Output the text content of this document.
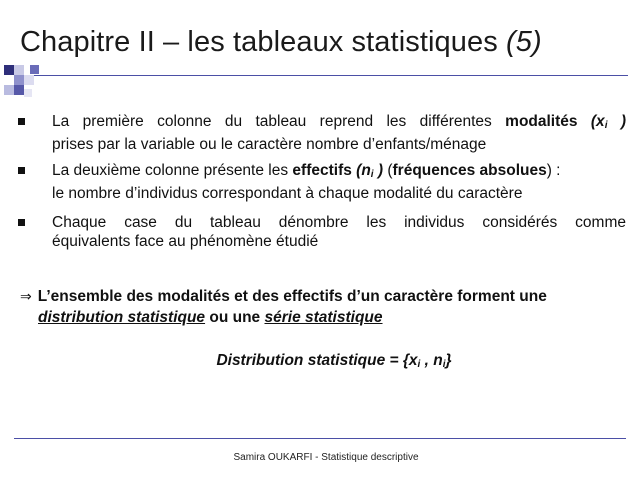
Chapitre II – les tableaux statistiques (5)
La première colonne du tableau reprend les différentes modalités ($x_i$ )
prises par la variable ou le caractère nombre d’enfants/ménage
La deuxième colonne présente les effectifs ($n_i$ ) (fréquences absolues) :
le nombre d’individus correspondant à chaque modalité du caractère
Chaque case du tableau dénombre les individus considérés comme
équivalents face au phénomène étudié
⇒ L’ensemble des modalités et des effectifs d’un caractère forment une
distribution statistique ou une série statistique
Distribution statistique = {$x_i$ , $n_i$}
Samira OUKARFI - Statistique descriptive
